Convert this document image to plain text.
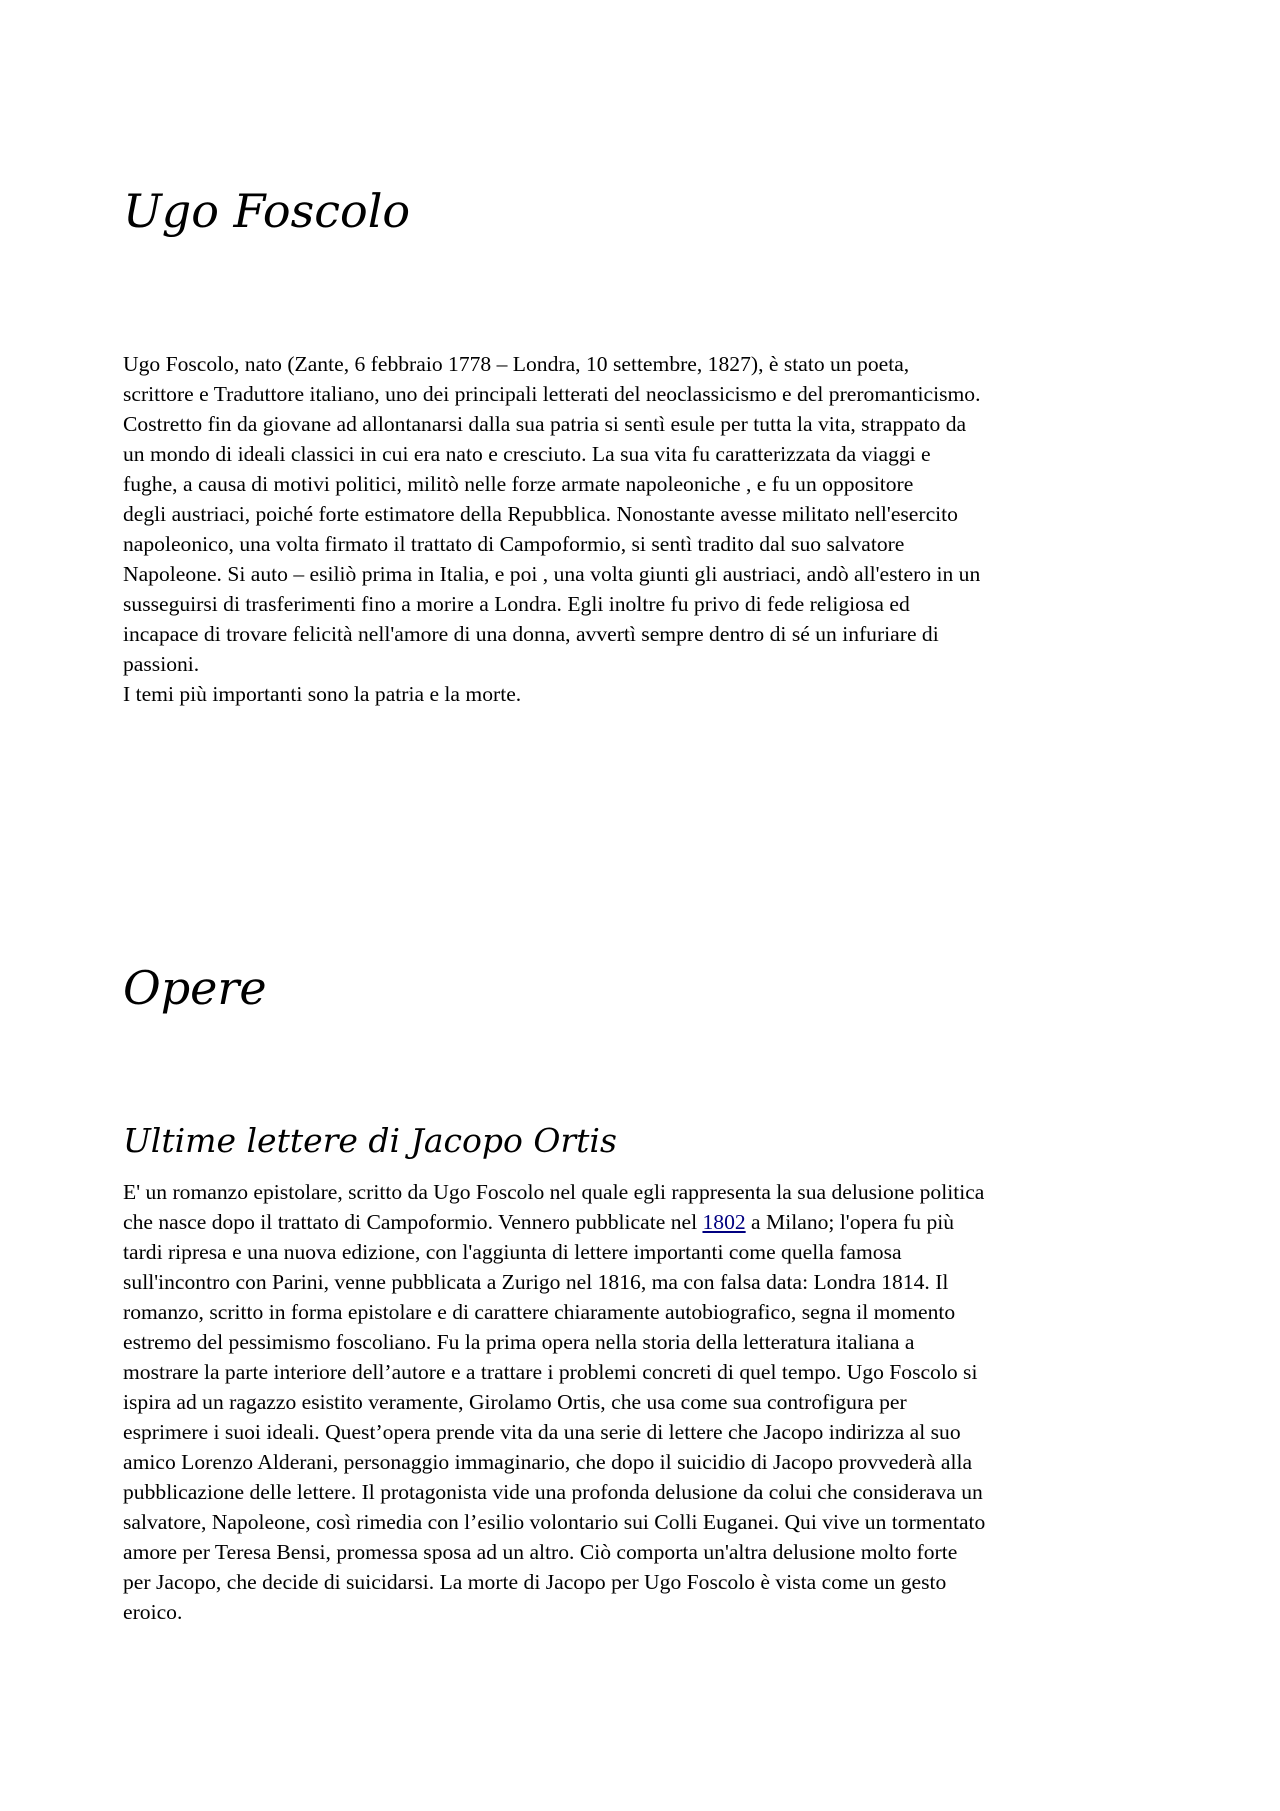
Ugo Foscolo
Ugo Foscolo, nato (Zante, 6 febbraio 1778 – Londra, 10 settembre, 1827), è stato un poeta,
scrittore e Traduttore italiano, uno dei principali letterati del neoclassicismo e del preromanticismo.
Costretto fin da giovane ad allontanarsi dalla sua patria si sentì esule per tutta la vita, strappato da
un mondo di ideali classici in cui era nato e cresciuto. La sua vita fu caratterizzata da viaggi e
fughe, a causa di motivi politici, militò nelle forze armate napoleoniche , e fu un oppositore
degli austriaci, poiché forte estimatore della Repubblica. Nonostante avesse militato nell'esercito
napoleonico, una volta firmato il trattato di Campoformio, si sentì tradito dal suo salvatore
Napoleone. Si auto – esiliò prima in Italia, e poi , una volta giunti gli austriaci, andò all'estero in un
susseguirsi di trasferimenti fino a morire a Londra. Egli inoltre fu privo di fede religiosa ed
incapace di trovare felicità nell'amore di una donna, avvertì sempre dentro di sé un infuriare di
passioni.
I temi più importanti sono la patria e la morte.
Opere
Ultime lettere di Jacopo Ortis
E' un romanzo epistolare, scritto da Ugo Foscolo nel quale egli rappresenta la sua delusione politica
che nasce dopo il trattato di Campoformio. Vennero pubblicate nel 1802 a Milano; l'opera fu più
tardi ripresa e una nuova edizione, con l'aggiunta di lettere importanti come quella famosa
sull'incontro con Parini, venne pubblicata a Zurigo nel 1816, ma con falsa data: Londra 1814. Il
romanzo, scritto in forma epistolare e di carattere chiaramente autobiografico, segna il momento
estremo del pessimismo foscoliano. Fu la prima opera nella storia della letteratura italiana a
mostrare la parte interiore dell’autore e a trattare i problemi concreti di quel tempo. Ugo Foscolo si
ispira ad un ragazzo esistito veramente, Girolamo Ortis, che usa come sua controfigura per
esprimere i suoi ideali. Quest’opera prende vita da una serie di lettere che Jacopo indirizza al suo
amico Lorenzo Alderani, personaggio immaginario, che dopo il suicidio di Jacopo provvederà alla
pubblicazione delle lettere. Il protagonista vide una profonda delusione da colui che considerava un
salvatore, Napoleone, così rimedia con l’esilio volontario sui Colli Euganei. Qui vive un tormentato
amore per Teresa Bensi, promessa sposa ad un altro. Ciò comporta un'altra delusione molto forte
per Jacopo, che decide di suicidarsi. La morte di Jacopo per Ugo Foscolo è vista come un gesto
eroico.
